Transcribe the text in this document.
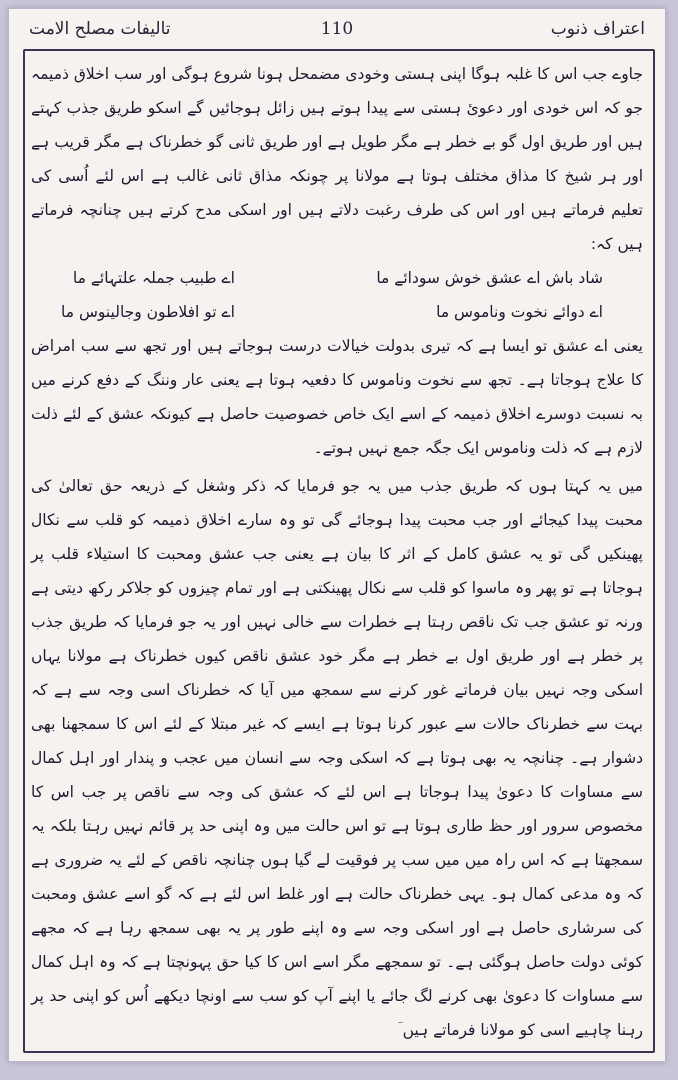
اعتراف ذنوب
110
تالیفات مصلح الامت

جاوے جب اس کا غلبہ ہوگا اپنی ہستی وخودی مضمحل ہونا شروع ہوگی اور سب اخلاق ذمیمہ جو کہ اس خودی اور دعوئ ہستی سے پیدا ہوتے ہیں زائل ہوجائیں گے اسکو طریق جذب کہتے ہیں اور طریق اول گو بے خطر ہے مگر طویل ہے اور طریق ثانی گو خطرناک ہے مگر قریب ہے اور ہر شیخ کا مذاق مختلف ہوتا ہے مولانا پر چونکہ مذاق ثانی غالب ہے اس لئے اُسی کی تعلیم فرماتے ہیں اور اس کی طرف رغبت دلاتے ہیں اور اسکی مدح کرتے ہیں چنانچہ فرماتے ہیں کہ:

شاد باش اے عشق خوش سودائے ما
اے دوائے نخوت وناموس ما
اے طبیب جملہ علتہائے ما
اے تو افلاطون وجالینوس ما

یعنی اے عشق تو ایسا ہے کہ تیری بدولت خیالات درست ہوجاتے ہیں اور تجھ سے سب امراض کا علاج ہوجاتا ہے۔ تجھ سے نخوت وناموس کا دفعیہ ہوتا ہے یعنی عار وننگ کے دفع کرنے میں بہ نسبت دوسرے اخلاق ذمیمہ کے اسے ایک خاص خصوصیت حاصل ہے کیونکہ عشق کے لئے ذلت لازم ہے کہ ذلت وناموس ایک جگہ جمع نہیں ہوتے۔

میں یہ کہتا ہوں کہ طریق جذب میں یہ جو فرمایا کہ ذکر وشغل کے ذریعہ حق تعالیٰ کی محبت پیدا کیجائے اور جب محبت پیدا ہوجائے گی تو وہ سارے اخلاق ذمیمہ کو قلب سے نکال پھینکیں گی تو یہ عشق کامل کے اثر کا بیان ہے یعنی جب عشق ومحبت کا استیلاء قلب پر ہوجاتا ہے تو پھر وہ ماسوا کو قلب سے نکال پھینکتی ہے اور تمام چیزوں کو جلاکر رکھ دیتی ہے ورنہ تو عشق جب تک ناقص رہتا ہے خطرات سے خالی نہیں اور یہ جو فرمایا کہ طریق جذب پر خطر ہے اور طریق اول بے خطر ہے مگر خود عشق ناقص کیوں خطرناک ہے مولانا یہاں اسکی وجہ نہیں بیان فرماتے غور کرنے سے سمجھ میں آیا کہ خطرناک اسی وجہ سے ہے کہ بہت سے خطرناک حالات سے عبور کرنا ہوتا ہے ایسے کہ غیر مبتلا کے لئے اس کا سمجھنا بھی دشوار ہے۔ چنانچہ یہ بھی ہوتا ہے کہ اسکی وجہ سے انسان میں عجب و پندار اور اہل کمال سے مساوات کا دعویٰ پیدا ہوجاتا ہے اس لئے کہ عشق کی وجہ سے ناقص پر جب اس کا مخصوص سرور اور حظ طاری ہوتا ہے تو اس حالت میں وہ اپنی حد پر قائم نہیں رہتا بلکہ یہ سمجھتا ہے کہ اس راہ میں میں سب پر فوقیت لے گیا ہوں چنانچہ ناقص کے لئے یہ ضروری ہے کہ وہ مدعی کمال ہو۔ یہی خطرناک حالت ہے اور غلط اس لئے ہے کہ گو اسے عشق ومحبت کی سرشاری حاصل ہے اور اسکی وجہ سے وہ اپنے طور پر یہ بھی سمجھ رہا ہے کہ مجھے کوئی دولت حاصل ہوگئی ہے۔ تو سمجھے مگر اسے اس کا کیا حق پہونچتا ہے کہ وہ اہل کمال سے مساوات کا دعویٰ بھی کرنے لگ جائے یا اپنے آپ کو سب سے اونچا دیکھے اُس کو اپنی حد پر رہنا چاہیے اسی کو مولانا فرماتے ہیں
